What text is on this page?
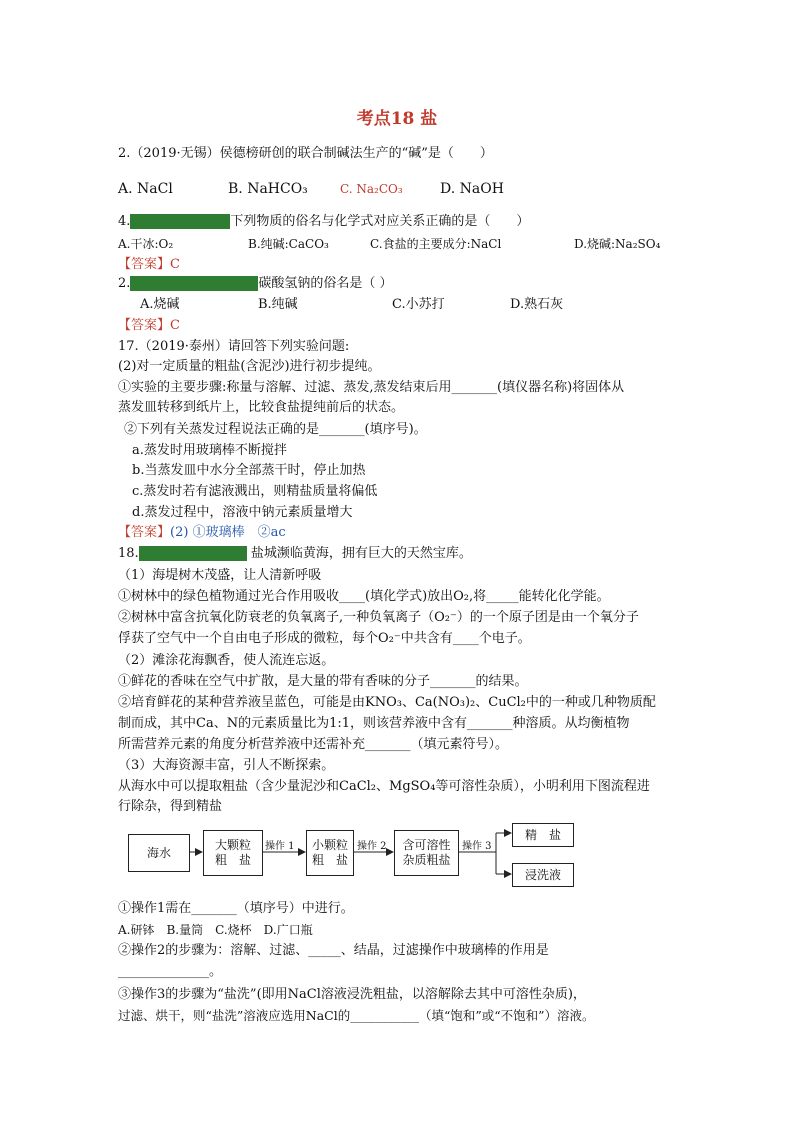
考点18 盐
2.（2019·无锡）侯德榜研创的联合制碱法生产的“碱”是（　　）
A. NaCl	B. NaHCO₃	C. Na₂CO₃	D. NaOH
4.	下列物质的俗名与化学式对应关系正确的是（　　）
A.干冰:O₂	B.纯碱:CaCO₃	C.食盐的主要成分:NaCl	D.烧碱:Na₂SO₄
【答案】C
2.	碳酸氢钠的俗名是（ ）
A.烧碱	B.纯碱	C.小苏打	D.熟石灰
【答案】C
17.（2019·泰州）请回答下列实验问题:
(2)对一定质量的粗盐(含泥沙)进行初步提纯。
①实验的主要步骤:称量与溶解、过滤、蒸发,蒸发结束后用_______(填仪器名称)将固体从
蒸发皿转移到纸片上，比较食盐提纯前后的状态。
②下列有关蒸发过程说法正确的是_______(填序号)。
a.蒸发时用玻璃棒不断搅拌
b.当蒸发皿中水分全部蒸干时，停止加热
c.蒸发时若有滤液溅出，则精盐质量将偏低
d.蒸发过程中，溶液中钠元素质量增大
【答案】(2) ①玻璃棒　②ac
18.	盐城濒临黄海，拥有巨大的天然宝库。
（1）海堤树木茂盛，让人清新呼吸
①树林中的绿色植物通过光合作用吸收____(填化学式)放出O₂,将_____能转化化学能。
②树林中富含抗氧化防衰老的负氧离子,一种负氧离子（O₂⁻）的一个原子团是由一个氧分子
俘获了空气中一个自由电子形成的微粒，每个O₂⁻中共含有____个电子。
（2）滩涂花海飘香，使人流连忘返。
①鲜花的香味在空气中扩散，是大量的带有香味的分子_______的结果。
②培育鲜花的某种营养液呈蓝色，可能是由KNO₃、Ca(NO₃)₂、CuCl₂中的一种或几种物质配
制而成，其中Ca、N的元素质量比为1:1，则该营养液中含有_______种溶质。从均衡植物
所需营养元素的角度分析营养液中还需补充_______（填元素符号）。
（3）大海资源丰富，引人不断探索。
从海水中可以提取粗盐（含少量泥沙和CaCl₂、MgSO₄等可溶性杂质），小明利用下图流程进
行除杂，得到精盐
海水
大颗粒
粗　盐
小颗粒
粗　盐
含可溶性
杂质粗盐
精　盐
浸洗液
操作 1	操作 2	操作 3
①操作1需在_______（填序号）中进行。
A.研钵　B.量筒　C.烧杯　D.广口瓶
②操作2的步骤为：溶解、过滤、_____、结晶，过滤操作中玻璃棒的作用是
______________。
③操作3的步骤为“盐洗”(即用NaCl溶液浸洗粗盐，以溶解除去其中可溶性杂质)，
过滤、烘干，则“盐洗”溶液应选用NaCl的___________（填“饱和”或“不饱和”）溶液。
